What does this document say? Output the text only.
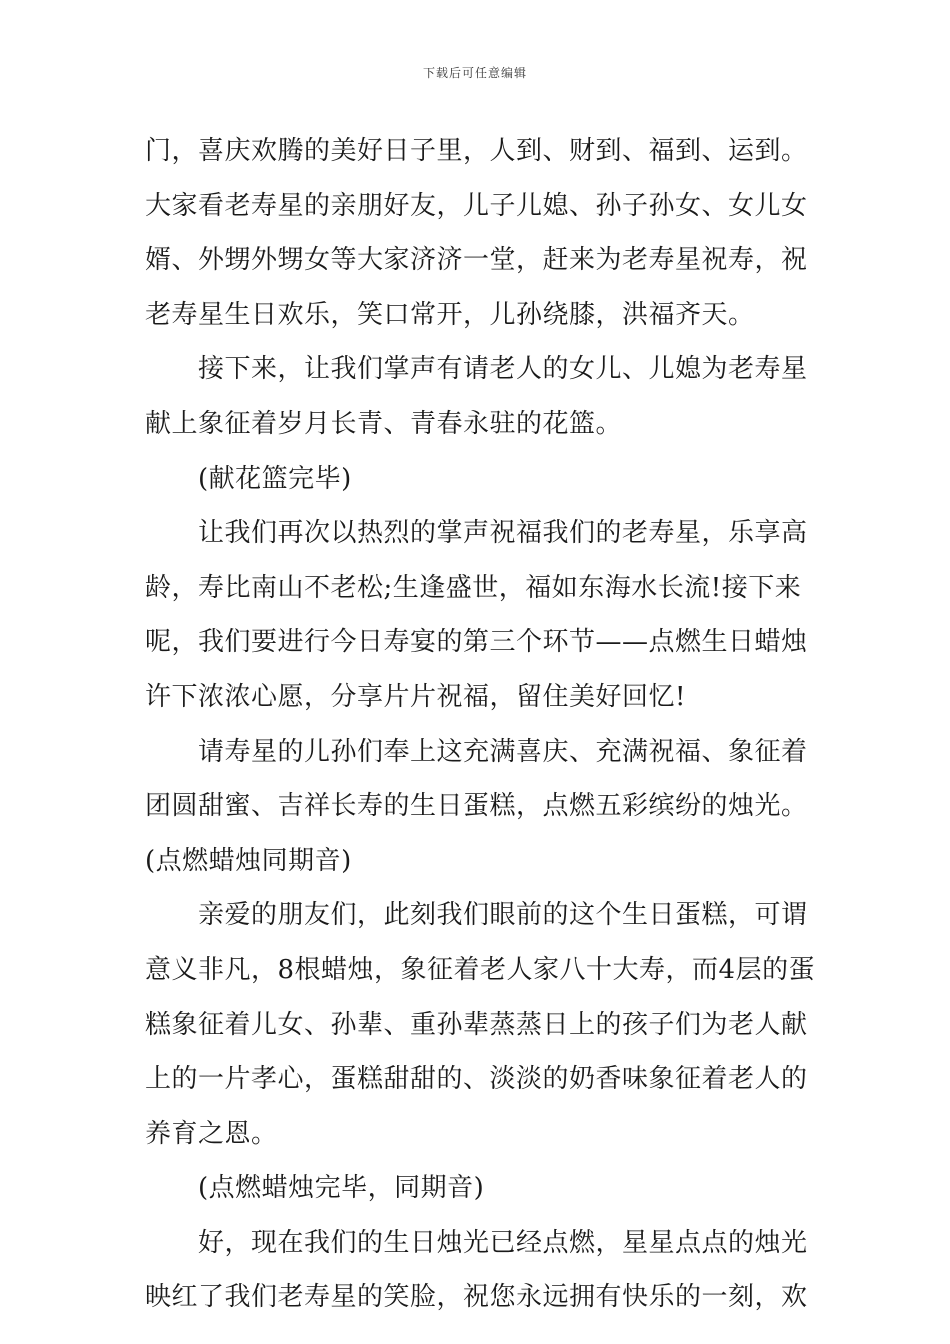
下载后可任意编辑
门，喜庆欢腾的美好日子里，人到、财到、福到、运到。
大家看老寿星的亲朋好友，儿子儿媳、孙子孙女、女儿女
婿、外甥外甥女等大家济济一堂，赶来为老寿星祝寿，祝
老寿星生日欢乐，笑口常开，儿孙绕膝，洪福齐天。
接下来，让我们掌声有请老人的女儿、儿媳为老寿星
献上象征着岁月长青、青春永驻的花篮。
(献花篮完毕)
让我们再次以热烈的掌声祝福我们的老寿星，乐享高
龄，寿比南山不老松;生逢盛世，福如东海水长流!接下来
呢，我们要进行今日寿宴的第三个环节——点燃生日蜡烛
许下浓浓心愿，分享片片祝福，留住美好回忆!
请寿星的儿孙们奉上这充满喜庆、充满祝福、象征着
团圆甜蜜、吉祥长寿的生日蛋糕，点燃五彩缤纷的烛光。
(点燃蜡烛同期音)
亲爱的朋友们，此刻我们眼前的这个生日蛋糕，可谓
意义非凡，8根蜡烛，象征着老人家八十大寿，而4层的蛋
糕象征着儿女、孙辈、重孙辈蒸蒸日上的孩子们为老人献
上的一片孝心，蛋糕甜甜的、淡淡的奶香味象征着老人的
养育之恩。
(点燃蜡烛完毕，同期音)
好，现在我们的生日烛光已经点燃，星星点点的烛光
映红了我们老寿星的笑脸，祝您永远拥有快乐的一刻，欢
